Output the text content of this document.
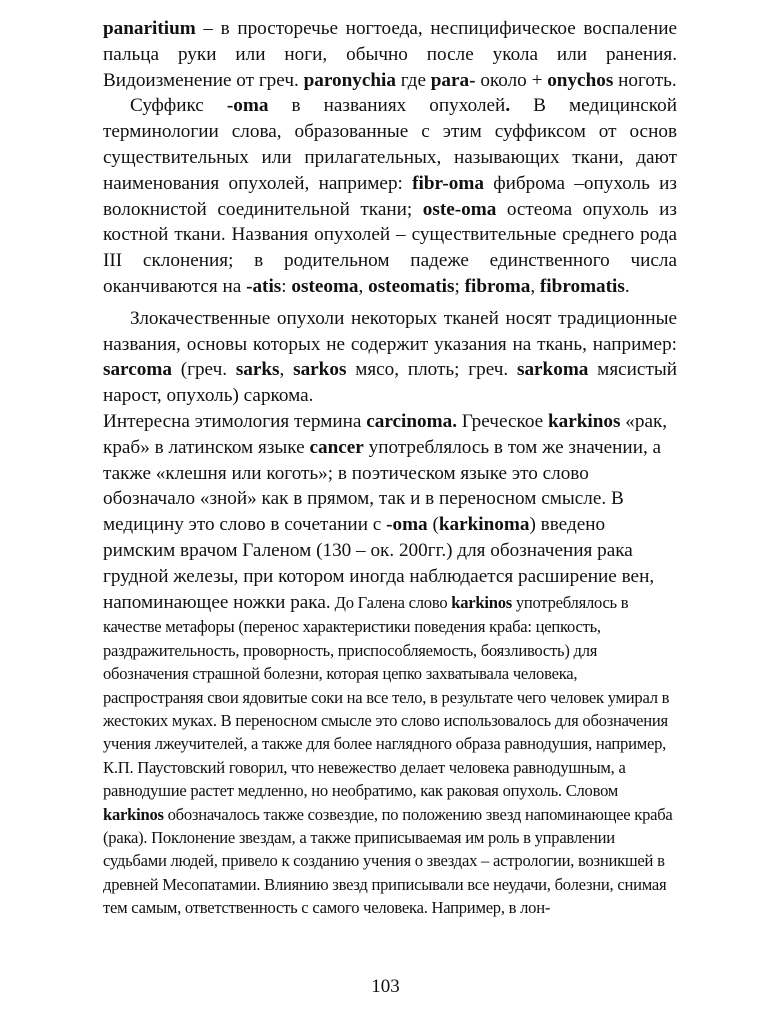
panaritium – в просторечье ногтоеда, неспицифическое воспаление пальца руки или ноги, обычно после укола или ранения. Видоизменение от греч. paronychia где para- около + onychos ноготь.

Суффикс -oma в названиях опухолей. В медицинской терминологии слова, образованные с этим суффиксом от основ существительных или прилагательных, называющих ткани, дают наименования опухолей, например: fibr-oma фиброма –опухоль из волокнистой соединительной ткани; oste-oma остеома опухоль из костной ткани. Названия опухолей – существительные среднего рода III склонения; в родительном падеже единственного числа оканчиваются на -atis: osteoma, osteomatis; fibroma, fibromatis.

Злокачественные опухоли некоторых тканей носят традиционные названия, основы которых не содержит указания на ткань, например: sarcoma (греч. sarks, sarkos мясо, плоть; греч. sarkoma мясистый нарост, опухоль) саркома.

Интересна этимология термина carcinoma. Греческое karkinos «рак, краб» в латинском языке cancer употреблялось в том же значении, а также «клешня или коготь»; в поэтическом языке это слово обозначало «зной» как в прямом, так и в переносном смысле. В медицину это слово в сочетании с -oma (karkinoma) введено римским врачом Галеном (130 – ок. 200гг.) для обозначения рака грудной железы, при котором иногда наблюдается расширение вен, напоминающее ножки рака.

До Галена слово karkinos употреблялось в качестве метафоры (перенос характеристики поведения краба: цепкость, раздражительность, проворность, приспособляемость, боязливость) для обозначения страшной болезни, которая цепко захватывала человека, распространяя свои ядовитые соки на все тело, в результате чего человек умирал в жестоких муках. В переносном смысле это слово использовалось для обозначения учения лжеучителей, а также для более наглядного образа равнодушия, например, К.П. Паустовский говорил, что невежество делает человека равнодушным, а равнодушие растет медленно, но необратимо, как раковая опухоль. Словом karkinos обозначалось также созвездие, по положению звезд напоминающее краба (рака). Поклонение звездам, а также приписываемая им роль в управлении судьбами людей, привело к созданию учения о звездах – астрологии, возникшей в древней Месопатамии. Влиянию звезд приписывали все неудачи, болезни, снимая тем самым, ответственность с самого человека. Например, в лон-

103
